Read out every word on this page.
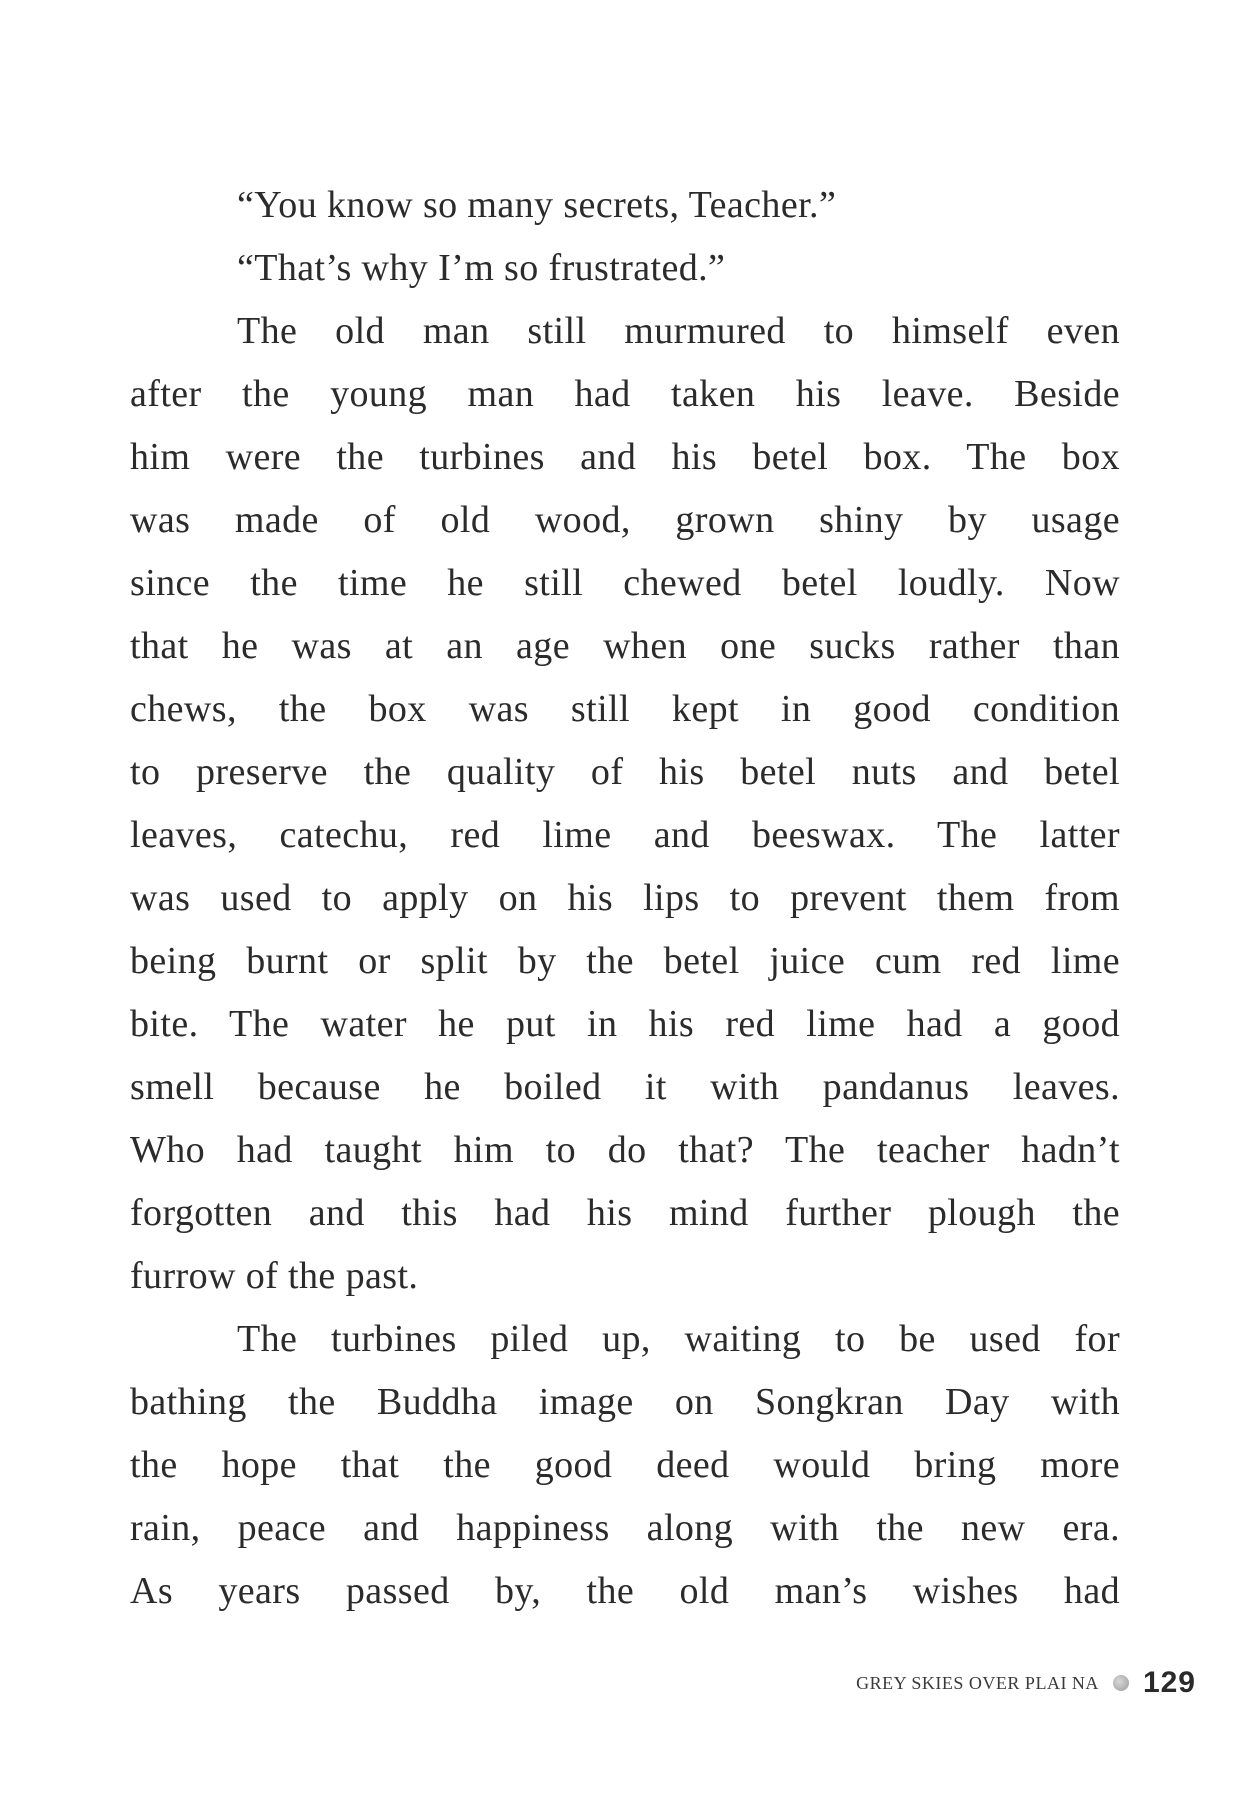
“You know so many secrets, Teacher.”
“That’s why I’m so frustrated.”
The old man still murmured to himself even
after the young man had taken his leave. Beside
him were the turbines and his betel box. The box
was made of old wood, grown shiny by usage
since the time he still chewed betel loudly. Now
that he was at an age when one sucks rather than
chews, the box was still kept in good condition
to preserve the quality of his betel nuts and betel
leaves, catechu, red lime and beeswax. The latter
was used to apply on his lips to prevent them from
being burnt or split by the betel juice cum red lime
bite. The water he put in his red lime had a good
smell because he boiled it with pandanus leaves.
Who had taught him to do that? The teacher hadn’t
forgotten and this had his mind further plough the
furrow of the past.
The turbines piled up, waiting to be used for
bathing the Buddha image on Songkran Day with
the hope that the good deed would bring more
rain, peace and happiness along with the new era.
As years passed by, the old man’s wishes had
GREY SKIES OVER PLAI NA 129
